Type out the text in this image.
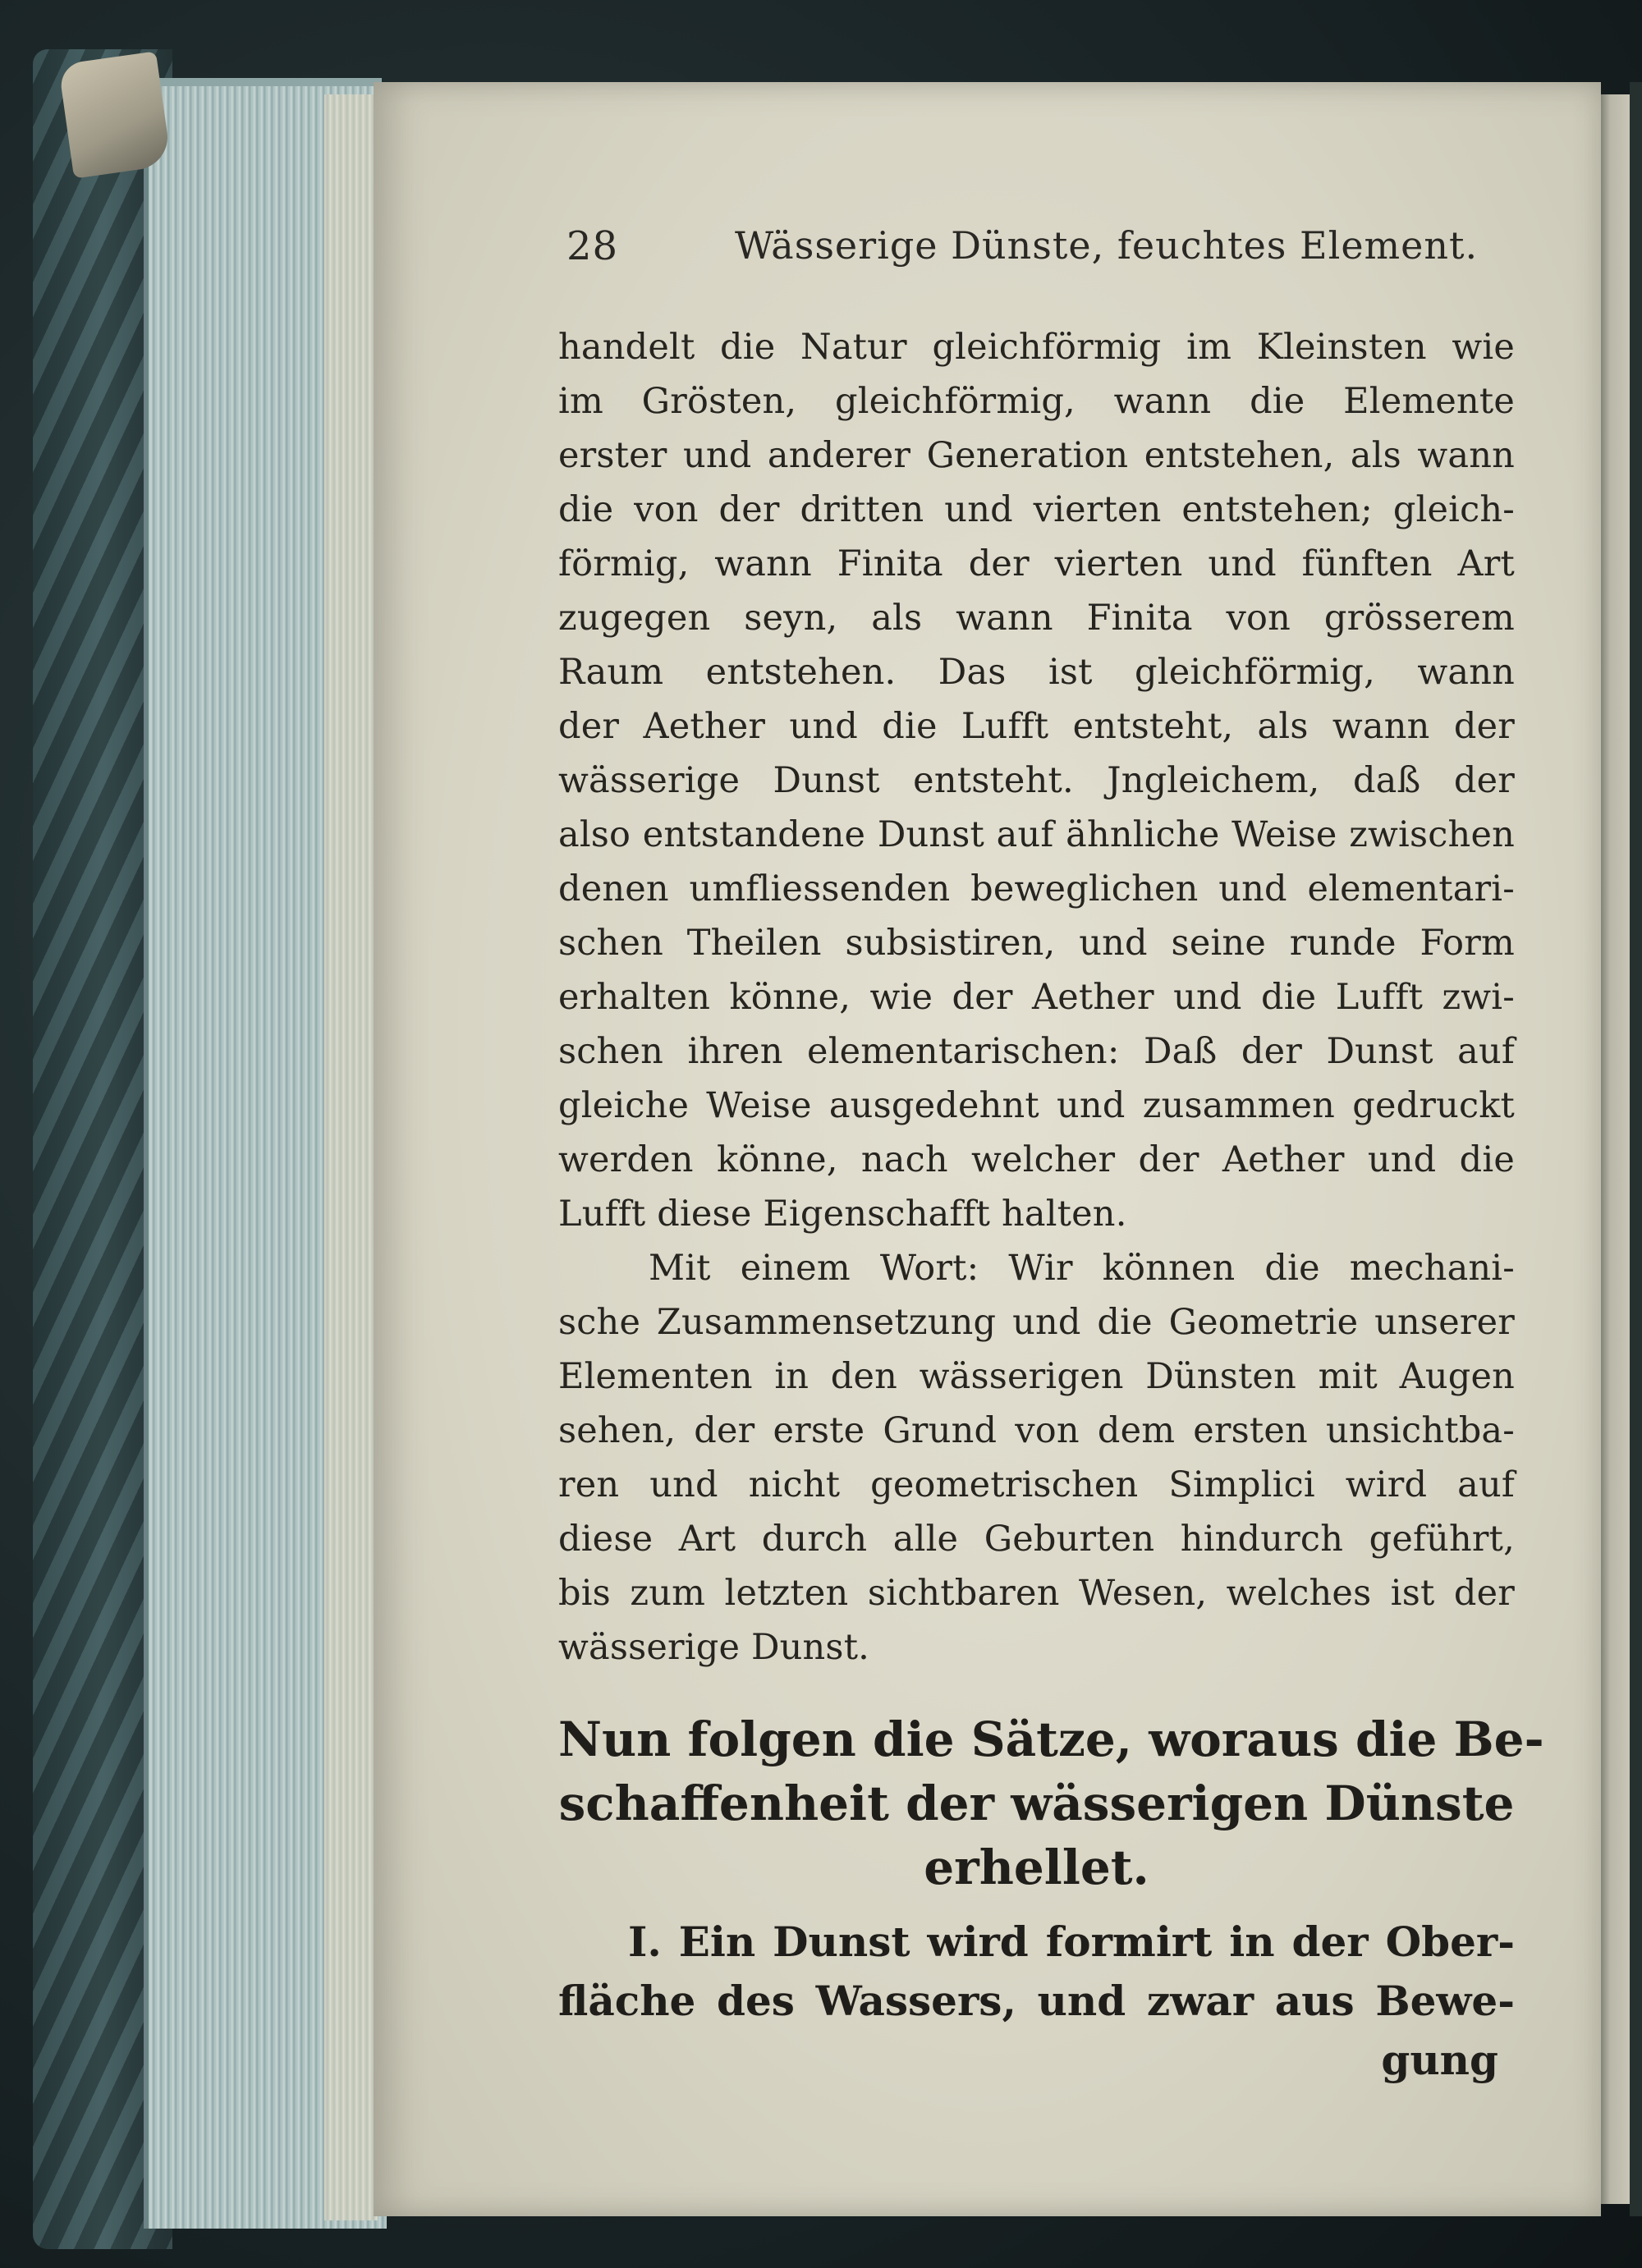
28	Wässerige Dünste, feuchtes Element.
handelt die Natur gleichförmig im Kleinsten wie
im Grösten, gleichförmig, wann die Elemente
erster und anderer Generation entstehen, als wann
die von der dritten und vierten entstehen; gleich-
förmig, wann Finita der vierten und fünften Art
zugegen seyn, als wann Finita von grösserem
Raum entstehen. Das ist gleichförmig, wann
der Aether und die Lufft entsteht, als wann der
wässerige Dunst entsteht. Jngleichem, daß der
also entstandene Dunst auf ähnliche Weise zwischen
denen umfliessenden beweglichen und elementari-
schen Theilen subsistiren, und seine runde Form
erhalten könne, wie der Aether und die Lufft zwi-
schen ihren elementarischen: Daß der Dunst auf
gleiche Weise ausgedehnt und zusammen gedruckt
werden könne, nach welcher der Aether und die
Lufft diese Eigenschafft halten.
Mit einem Wort: Wir können die mechani-
sche Zusammensetzung und die Geometrie unserer
Elementen in den wässerigen Dünsten mit Augen
sehen, der erste Grund von dem ersten unsichtba-
ren und nicht geometrischen Simplici wird auf
diese Art durch alle Geburten hindurch geführt,
bis zum letzten sichtbaren Wesen, welches ist der
wässerige Dunst.
Nun folgen die Sätze, woraus die Be-
schaffenheit der wässerigen Dünste
erhellet.
I. Ein Dunst wird formirt in der Ober-
fläche des Wassers, und zwar aus Bewe-
gung
